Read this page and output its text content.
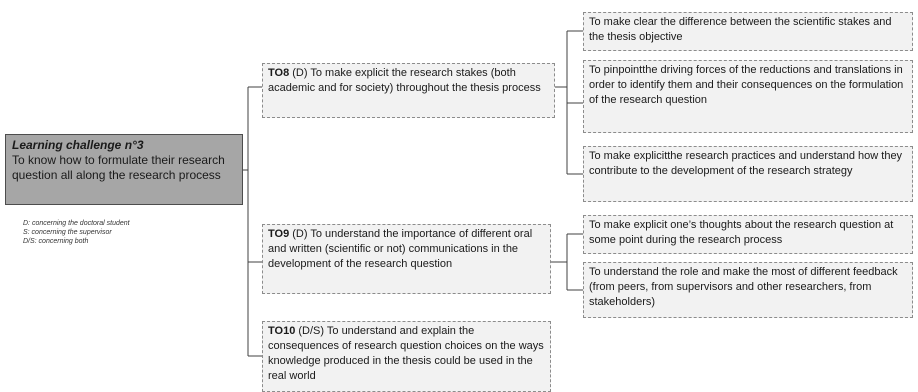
Learning challenge n°3
To know how to formulate their research question all along the research process
D: concerning the doctoral student
S: concerning the supervisor
D/S: concerning both
TO8 (D) To make explicit the research stakes (both academic and for society) throughout the thesis process
TO9 (D) To understand the importance of different oral and written (scientific or not) communications in the development of the research question
TO10 (D/S) To understand and explain the consequences of research question choices on the ways knowledge produced in the thesis could be used in the real world
To make clear the difference between the scientific stakes and the thesis objective
To pinpointthe driving forces of the reductions and translations in order to identify them and their consequences on the formulation of the research question
To make explicitthe research practices and understand how they contribute to the development of the research strategy
To make explicit one’s thoughts about the research question at some point during the research process
To understand the role and make the most of different feedback (from peers, from supervisors and other researchers, from stakeholders)
